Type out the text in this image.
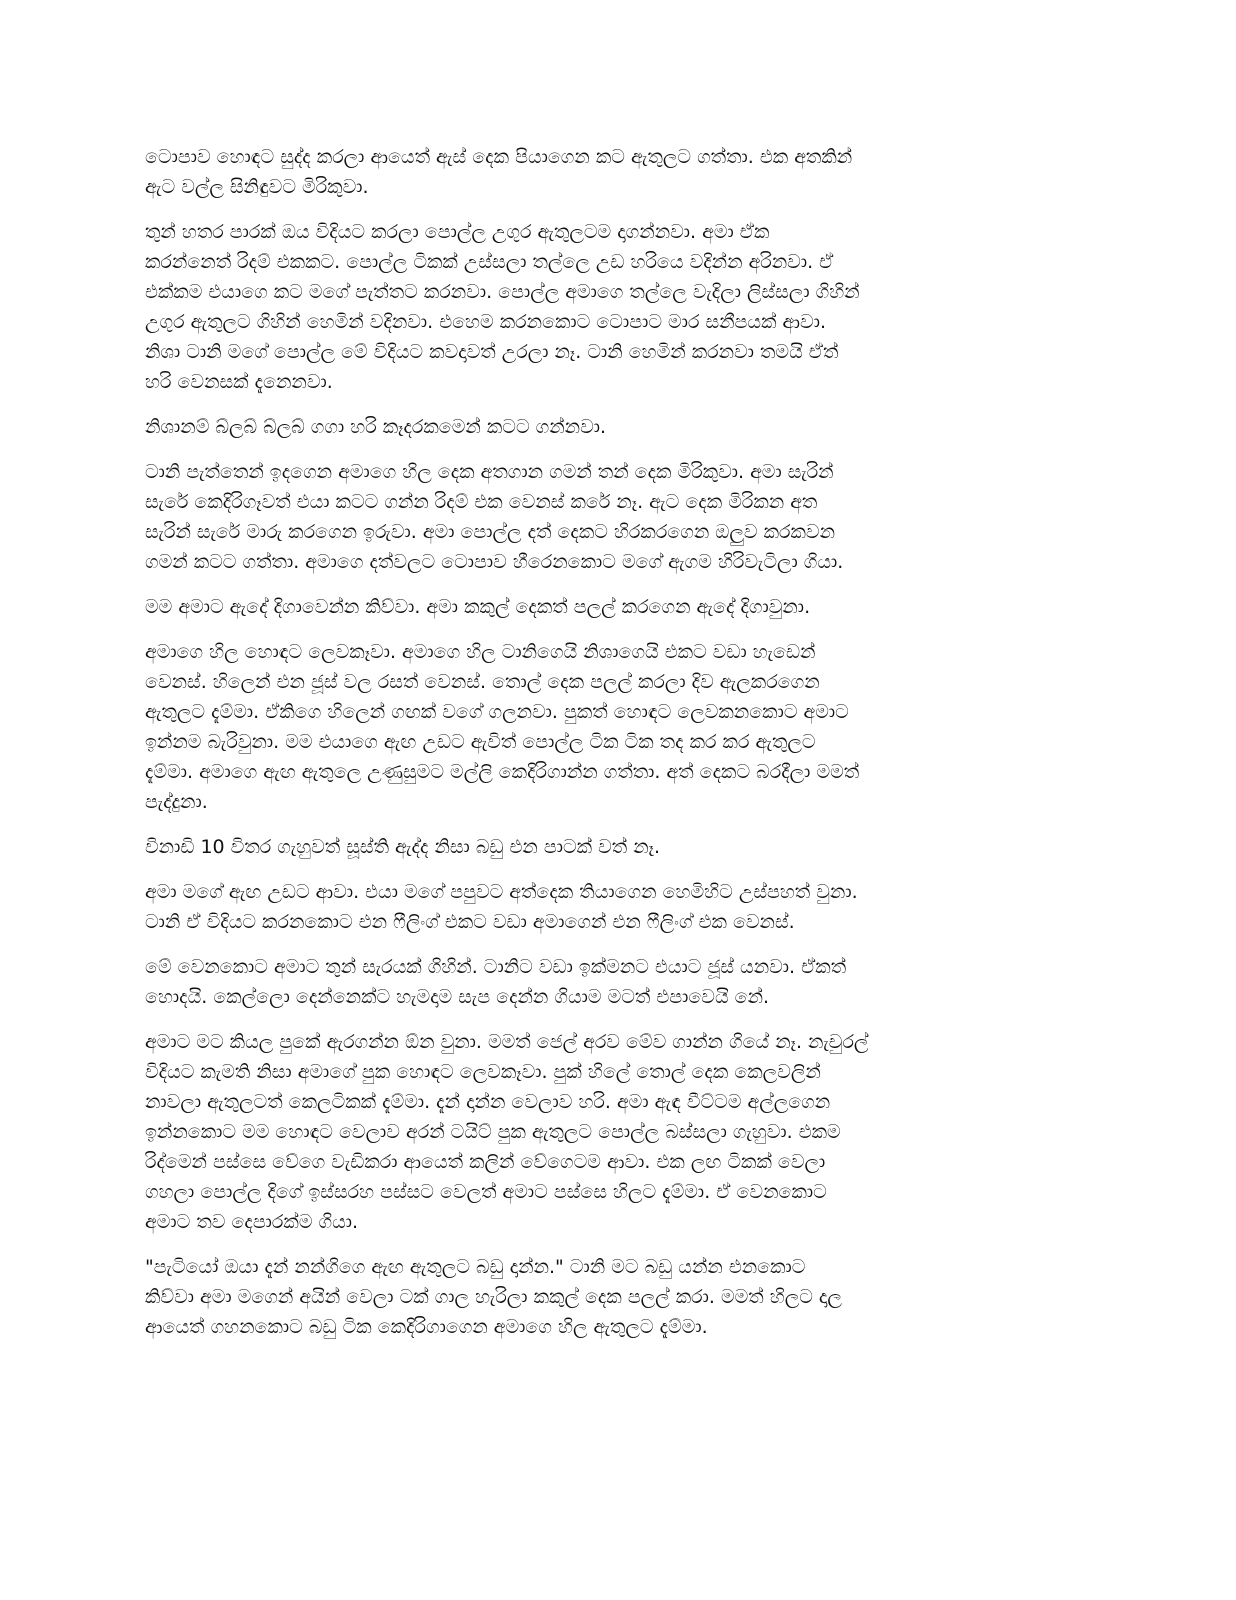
ටොපාව හොඳට සුද්ද කරලා ආයෙත් ඇස් දෙක පියාගෙන කට ඇතුලට ගත්තා. එක අතකින්
ඇට වල්ල සිනිඳුවට මිරිකුවා.

තුන් හතර පාරක් ඔය විදියට කරලා පොල්ල උගුර ඇතුලටම දාගන්නවා. අමා ඒක
කරන්නෙත් රිදම් එකකට. පොල්ල ටිකක් උස්සලා තල්ලෙ උඩ හරියෙ වදින්න අරිනවා. ඒ
එක්කම එයාගෙ කට මගේ පැත්තට කරනවා. පොල්ල අමාගෙ තල්ලෙ වැදිලා ලිස්සලා ගිහින්
උගුර ඇතුලට ගිහින් හෙමින් වදිනවා. එහෙම කරනකොට ටොපාට මාර සනීපයක් ආවා.
නිශා ටානි මගේ පොල්ල මේ විදියට කවදාවත් උරලා නෑ. ටානි හෙමින් කරනවා තමයි ඒත්
හරි වෙනසක් දැනෙනවා.

නිශානම් බ්ලබ් බ්ලබ් ගගා හරි කෑදරකමෙන් කටට ගන්නවා.

ටානි පැත්තෙන් ඉදගෙන අමාගෙ හිල දෙක අතගාන ගමන් තන් දෙක මිරිකුවා. අමා සැරින්
සැරේ කෙදිරිගෑවත් එයා කටට ගන්න රිදම් එක වෙනස් කරේ නෑ. ඇට දෙක මිරිකන අත
සැරින් සැරේ මාරු කරගෙන ඉරුවා. අමා පොල්ල දත් දෙකට හිරකරගෙන ඔලුව කරකවන
ගමන් කටට ගත්තා. අමාගෙ දත්වලට ටොපාව හීරෙනකොට මගේ ඇගම හිරිවැටිලා ගියා.

මම අමාට ඇදේ දිගාවෙන්න කිව්වා. අමා කකුල් දෙකත් පලල් කරගෙන ඇදේ දිගාවුනා.

අමාගෙ හිල හොඳට ලෙවකෑවා. අමාගෙ හිල ටානිගෙයි නිශාගෙයි එකට වඩා හැඩෙන්
වෙනස්. හිලෙන් එන ජූස් වල රසත් වෙනස්. තොල් දෙක පලල් කරලා දිව ඇලකරගෙන
ඇතුලට දැම්මා. ඒකිගෙ හිලෙන් ගඟක් වගේ ගලනවා. පුකත් හොඳට ලෙවකනකොට අමාට
ඉන්නම බැරිවුනා. මම එයාගෙ ඇඟ උඩට ඇවිත් පොල්ල ටික ටික තද කර කර ඇතුලට
දැම්මා. අමාගෙ ඇඟ ඇතුලෙ උණුසුමට මල්ලි කෙදිරිගාන්න ගත්තා. අත් දෙකට බරදීලා මමත්
පැද්දුනා.

විනාඩි 10 විතර ගැහුවත් සූස්ති ඇද්ද නිසා බඩු එන පාටක් වත් නෑ.

අමා මගේ ඇඟ උඩට ආවා. එයා මගේ පපුවට අත්දෙක තියාගෙන හෙමිහිට උස්පහත් වුනා.
ටානි ඒ විදියට කරනකොට එන ෆීලිංග් එකට වඩා අමාගෙන් එන ෆීලිංග් එක වෙනස්.

මේ වෙනකොට අමාට තුන් සැරයක් ගිහින්. ටානිට වඩා ඉක්මනට එයාට ජූස් යනවා. ඒකත්
හොදයි. කෙල්ලො දෙන්නෙක්ට හැමදාම සැප දෙන්න ගියාම මටත් එපාවෙයි නේ.

අමාට මට කියල පුකේ ඇරගන්න ඕන වුනා. මමත් ජෙල් අරව මේව ගාන්න ගියේ නෑ. නැචුරල්
විදියට කැමති නිසා අමාගේ පුක හොඳට ලෙවකෑවා. පුක් හිලේ තොල් දෙක කෙලවලින්
නාවලා ඇතුලටත් කෙලටිකක් දැම්මා. දැන් දාන්න වෙලාව හරි. අමා ඇඳ වීට්ටම අල්ලගෙන
ඉන්නකොට මම හොඳට වෙලාව අරන් ටයිට් පුක ඇතුලට පොල්ල බස්සලා ගැහුවා. එකම
රිද්මෙන් පස්සෙ වේගෙ වැඩිකරා ආයෙත් කලින් වේගෙටම ආවා. එක ලඟ ටිකක් වෙලා
ගහලා පොල්ල දිගේ ඉස්සරහ පස්සට වෙලත් අමාට පස්සෙ හිලට දැම්මා. ඒ වෙනකොට
අමාට තව දෙපාරක්ම ගියා.

"පැටියෝ ඔයා දැන් නන්ගිගෙ ඇඟ ඇතුලට බඩු දාන්න." ටානි මට බඩු යන්න එනකොට
කිව්වා අමා මගෙන් අයින් වෙලා ටක් ගාල හැරිලා කකුල් දෙක පලල් කරා. මමත් හිලට දාල
ආයෙත් ගහනකොට බඩු ටික කෙදිරිගාගෙන අමාගෙ හිල ඇතුලට දැම්මා.
